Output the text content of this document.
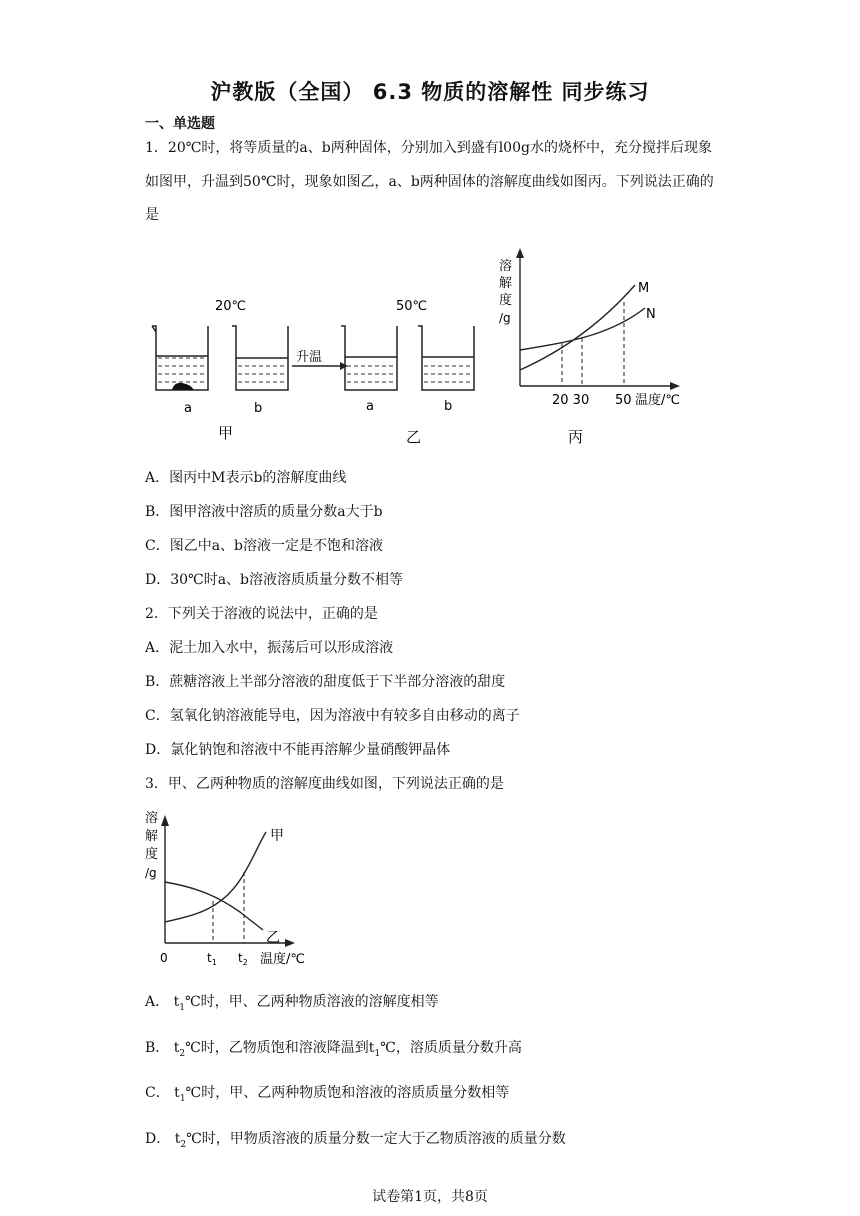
沪教版（全国） 6.3 物质的溶解性 同步练习
一、单选题
1．20℃时，将等质量的a、b两种固体，分别加入到盛有l00g水的烧杯中，充分搅拌后现象如图甲，升温到50℃时，现象如图乙，a、b两种固体的溶解度曲线如图丙。下列说法正确的是
20℃
a	b
甲
升温
50℃
a	b
乙
溶
解
度
/g
M
N
20 30 50 温度/℃
丙
A．图丙中M表示b的溶解度曲线
B．图甲溶液中溶质的质量分数a大于b
C．图乙中a、b溶液一定是不饱和溶液
D．30℃时a、b溶液溶质质量分数不相等
2．下列关于溶液的说法中，正确的是
A．泥土加入水中，振荡后可以形成溶液
B．蔗糖溶液上半部分溶液的甜度低于下半部分溶液的甜度
C．氢氧化钠溶液能导电，因为溶液中有较多自由移动的离子
D．氯化钠饱和溶液中不能再溶解少量硝酸钾晶体
3．甲、乙两种物质的溶解度曲线如图，下列说法正确的是
溶
解
度
/g
甲
乙
0	$t_1$ $t_2$ 温度/℃
A． $t_1℃$时，甲、乙两种物质溶液的溶解度相等
B． $t_2℃$时，乙物质饱和溶液降温到$t_1℃$，溶质质量分数升高
C． $t_1℃$时，甲、乙两种物质饱和溶液的溶质质量分数相等
D． $t_2℃$时，甲物质溶液的质量分数一定大于乙物质溶液的质量分数
试卷第1页，共8页
